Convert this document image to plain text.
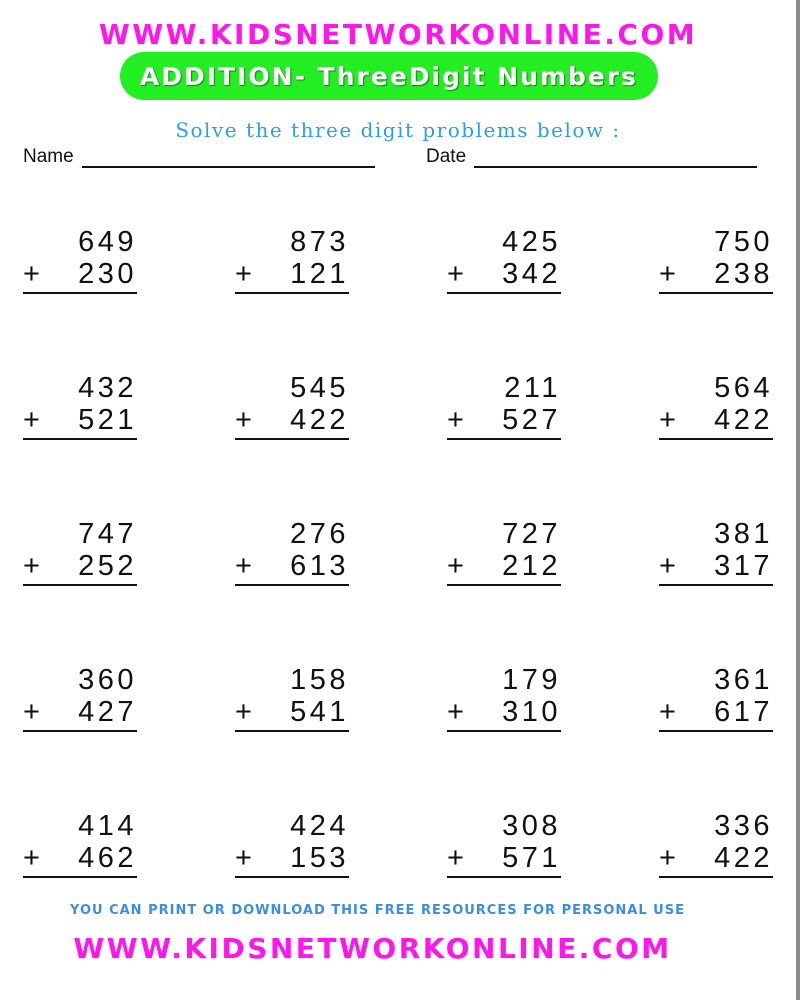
WWW.KIDSNETWORKONLINE.COM
ADDITION- ThreeDigit Numbers
Solve the three digit problems below :
Name	Date
649
+ 230
873
+ 121
425
+ 342
750
+ 238
432
+ 521
545
+ 422
211
+ 527
564
+ 422
747
+ 252
276
+ 613
727
+ 212
381
+ 317
360
+ 427
158
+ 541
179
+ 310
361
+ 617
414
+ 462
424
+ 153
308
+ 571
336
+ 422
YOU CAN PRINT OR DOWNLOAD THIS FREE RESOURCES FOR PERSONAL USE
WWW.KIDSNETWORKONLINE.COM
